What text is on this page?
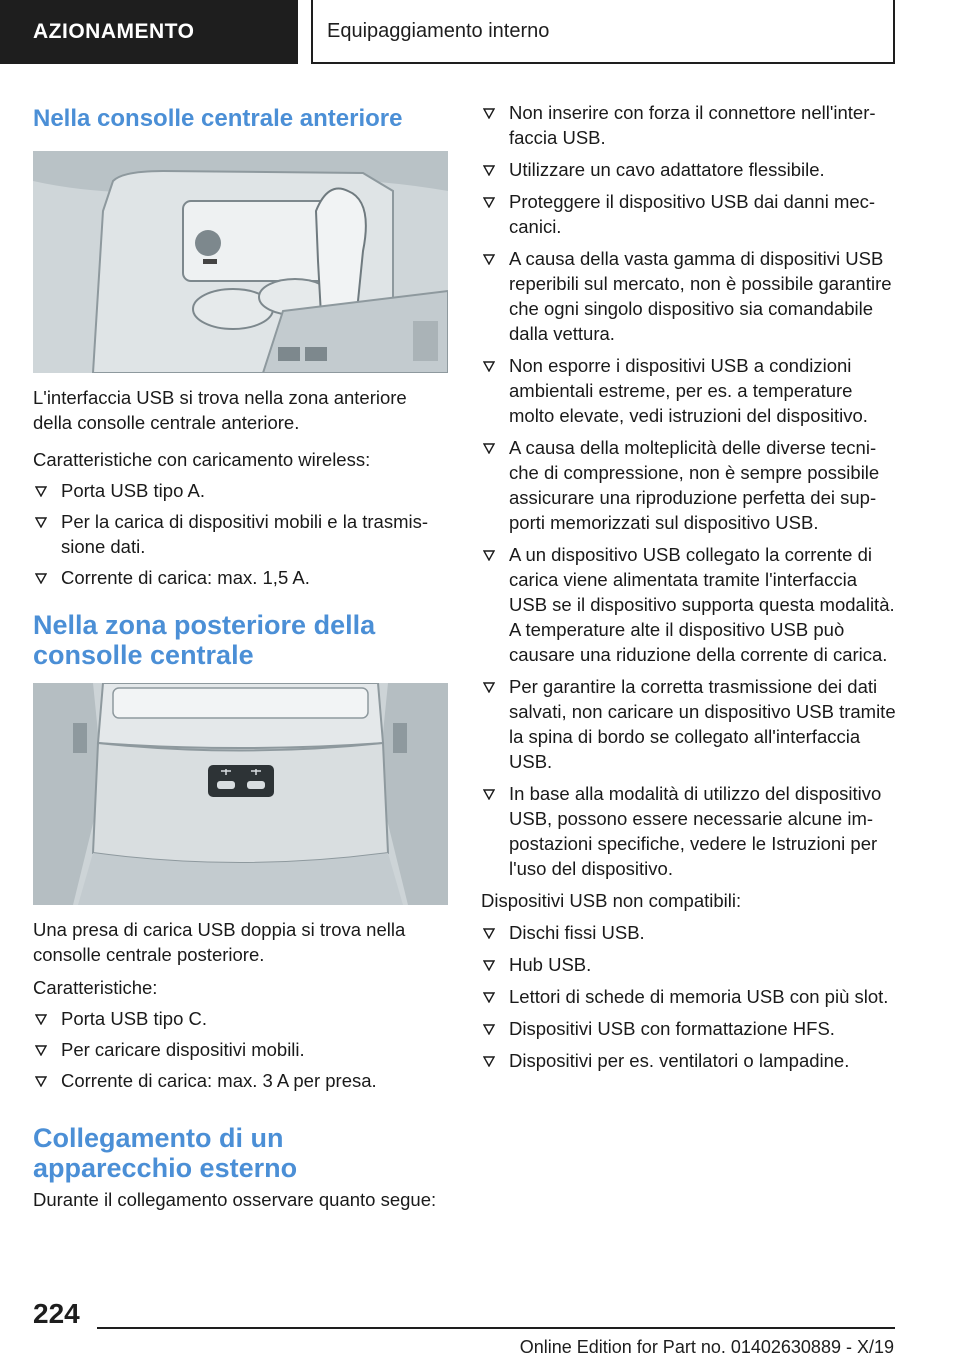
AZIONAMENTO	Equipaggiamento interno
Nella consolle centrale anteriore

L'interfaccia USB si trova nella zona anteriore della consolle centrale anteriore.

Caratteristiche con caricamento wireless:

Porta USB tipo A.
Per la carica di dispositivi mobili e la trasmissione dati.
Corrente di carica: max. 1,5 A.
Nella zona posteriore della consolle centrale

Una presa di carica USB doppia si trova nella consolle centrale posteriore.

Caratteristiche:

Porta USB tipo C.
Per caricare dispositivi mobili.
Corrente di carica: max. 3 A per presa.
Collegamento di un apparecchio esterno

Durante il collegamento osservare quanto segue:

Non inserire con forza il connettore nell'interfaccia USB.
Utilizzare un cavo adattatore flessibile.
Proteggere il dispositivo USB dai danni meccanici.
A causa della vasta gamma di dispositivi USB reperibili sul mercato, non è possibile garantire che ogni singolo dispositivo sia comandabile dalla vettura.
Non esporre i dispositivi USB a condizioni ambientali estreme, per es. a temperature molto elevate, vedi istruzioni del dispositivo.
A causa della molteplicità delle diverse tecniche di compressione, non è sempre possibile assicurare una riproduzione perfetta dei supporti memorizzati sul dispositivo USB.
A un dispositivo USB collegato la corrente di carica viene alimentata tramite l'interfaccia USB se il dispositivo supporta questa modalità. A temperature alte il dispositivo USB può causare una riduzione della corrente di carica.
Per garantire la corretta trasmissione dei dati salvati, non caricare un dispositivo USB tramite la spina di bordo se collegato all'interfaccia USB.
In base alla modalità di utilizzo del dispositivo USB, possono essere necessarie alcune impostazioni specifiche, vedere le Istruzioni per l'uso del dispositivo.

Dispositivi USB non compatibili:

Dischi fissi USB.
Hub USB.
Lettori di schede di memoria USB con più slot.
Dispositivi USB con formattazione HFS.
Dispositivi per es. ventilatori o lampadine.
224
Online Edition for Part no. 01402630889 - X/19
